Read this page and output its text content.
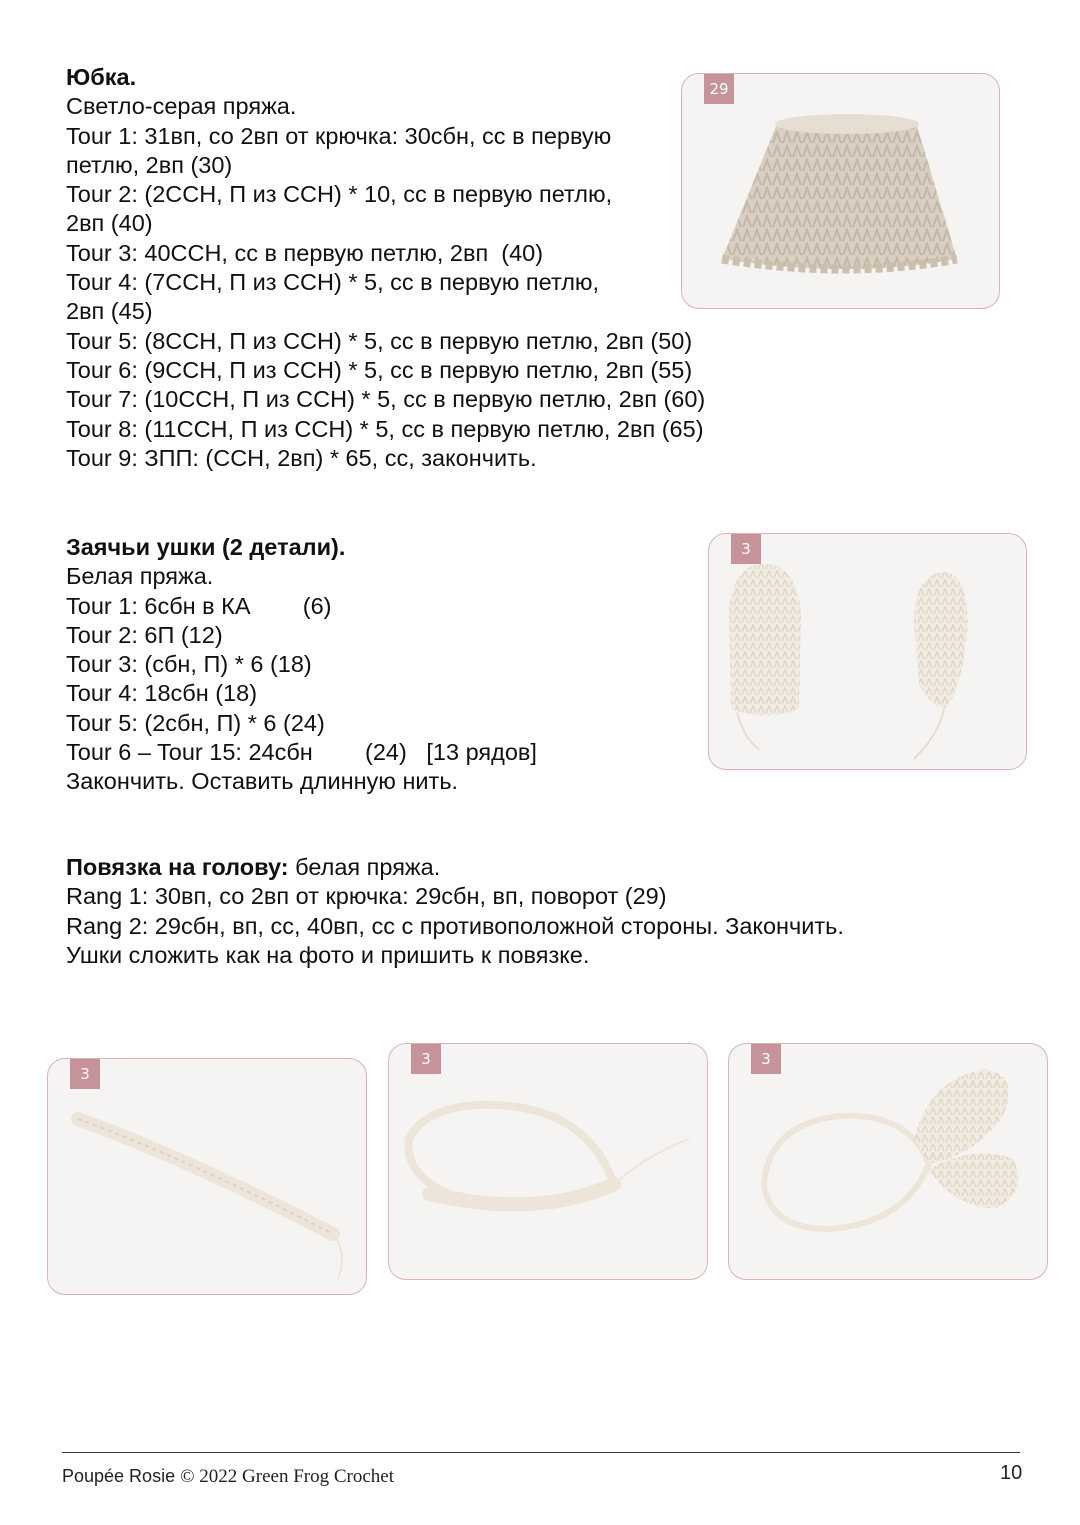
Юбка.
Светло-серая пряжа.
Tour 1: 31вп, со 2вп от крючка: 30сбн, сс в первую
петлю, 2вп (30)
Tour 2: (2ССН, П из ССН) * 10, сс в первую петлю,
2вп (40)
Tour 3: 40ССН, сс в первую петлю, 2вп  (40)
Tour 4: (7ССН, П из ССН) * 5, сс в первую петлю,
2вп (45)
Tour 5: (8ССН, П из ССН) * 5, сс в первую петлю, 2вп (50)
Tour 6: (9ССН, П из ССН) * 5, сс в первую петлю, 2вп (55)
Tour 7: (10ССН, П из ССН) * 5, сс в первую петлю, 2вп (60)
Tour 8: (11ССН, П из ССН) * 5, сс в первую петлю, 2вп (65)
Tour 9: ЗПП: (ССН, 2вп) * 65, сс, закончить.
29
Заячьи ушки (2 детали).
Белая пряжа.
Tour 1: 6сбн в КА        (6)
Tour 2: 6П (12)
Tour 3: (сбн, П) * 6 (18)
Tour 4: 18сбн (18)
Tour 5: (2сбн, П) * 6 (24)
Tour 6 – Tour 15: 24сбн        (24)   [13 рядов]
Закончить. Оставить длинную нить.
3
Повязка на голову: белая пряжа.
Rang 1: 30вп, со 2вп от крючка: 29сбн, вп, поворот (29)
Rang 2: 29сбн, вп, сс, 40вп, сс с противоположной стороны. Закончить.
Ушки сложить как на фото и пришить к повязке.
3
3	3
Poupée Rosie © 2022 Green Frog Crochet	10
